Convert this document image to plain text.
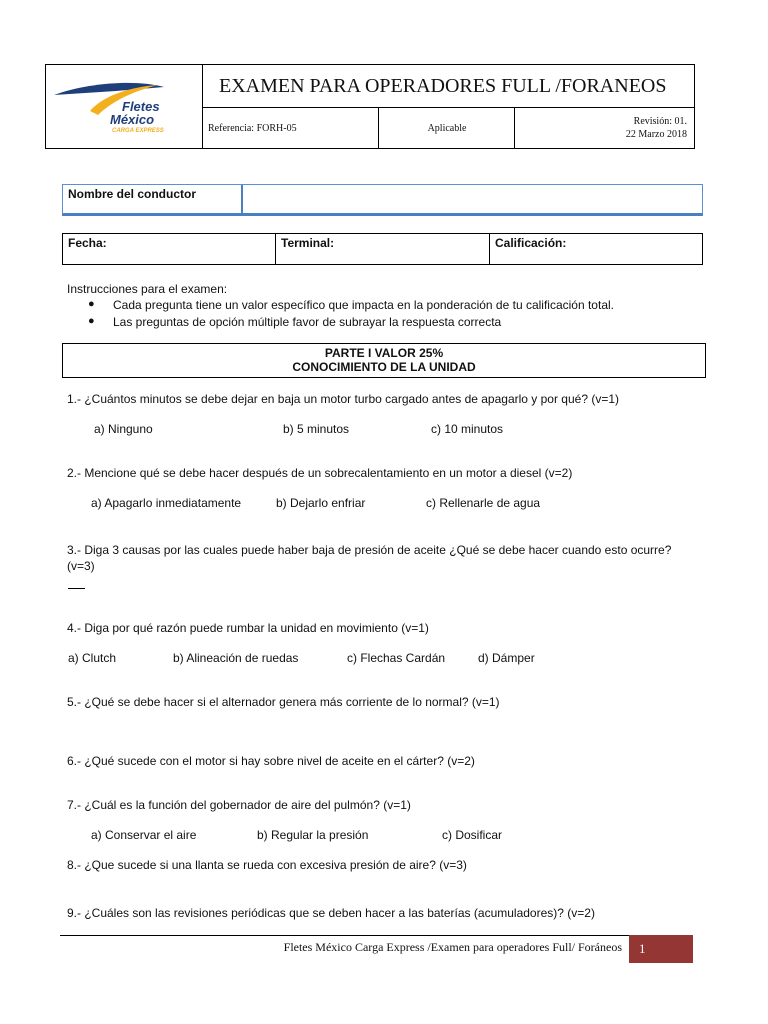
Fletes
México
CARGA EXPRESS
EXAMEN PARA OPERADORES FULL /FORANEOS
Referencia: FORH-05	Aplicable
Revisión: 01.
22 Marzo 2018
Nombre del conductor
Fecha:	Terminal:	Calificación:
Instrucciones para el examen:
● Cada pregunta tiene un valor específico que impacta en la ponderación de tu calificación total.
● Las preguntas de opción múltiple favor de subrayar la respuesta correcta
PARTE I VALOR 25%
CONOCIMIENTO DE LA UNIDAD
1.- ¿Cuántos minutos se debe dejar en baja un motor turbo cargado antes de apagarlo y por qué? (v=1)
a) Ninguno	b) 5 minutos	c) 10 minutos
2.- Mencione qué se debe hacer después de un sobrecalentamiento en un motor a diesel (v=2)
a) Apagarlo inmediatamente	b) Dejarlo enfriar	c) Rellenarle de agua
3.- Diga 3 causas por las cuales puede haber baja de presión de aceite ¿Qué se debe hacer cuando esto ocurre?
(v=3)
4.- Diga por qué razón puede rumbar la unidad en movimiento (v=1)
a) Clutch	b) Alineación de ruedas	c) Flechas Cardán	d) Dámper
5.- ¿Qué se debe hacer si el alternador genera más corriente de lo normal? (v=1)
6.- ¿Qué sucede con el motor si hay sobre nivel de aceite en el cárter? (v=2)
7.- ¿Cuál es la función del gobernador de aire del pulmón? (v=1)
a) Conservar el aire	b) Regular la presión	c) Dosificar
8.- ¿Que sucede si una llanta se rueda con excesiva presión de aire? (v=3)
9.- ¿Cuáles son las revisiones periódicas que se deben hacer a las baterías (acumuladores)? (v=2)
Fletes México Carga Express /Examen para operadores Full/ Foráneos	1
